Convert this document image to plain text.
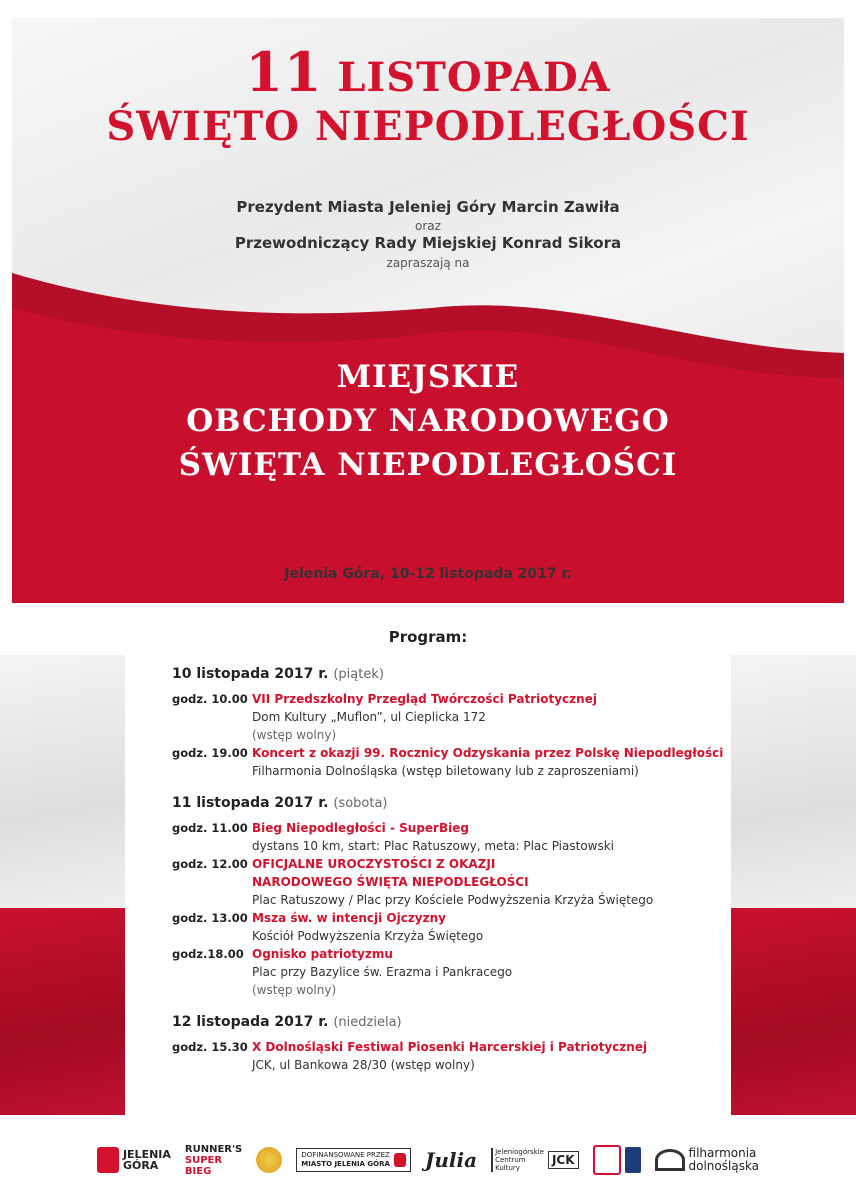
11 LISTOPADA
ŚWIĘTO NIEPODLEGŁOŚCI
Prezydent Miasta Jeleniej Góry Marcin Zawiła
oraz
Przewodniczący Rady Miejskiej Konrad Sikora
zapraszają na
MIEJSKIE
OBCHODY NARODOWEGO
ŚWIĘTA NIEPODLEGŁOŚCI
Jelenia Góra, 10-12 listopada 2017 r.
Program:
10 listopada 2017 r. (piątek)
godz. 10.00 VII Przedszkolny Przegląd Twórczości Patriotycznej
Dom Kultury „Muflon”, ul Cieplicka 172
(wstęp wolny)
godz. 19.00 Koncert z okazji 99. Rocznicy Odzyskania przez Polskę Niepodległości
Filharmonia Dolnośląska (wstęp biletowany lub z zaproszeniami)
11 listopada 2017 r. (sobota)
godz. 11.00 Bieg Niepodległości - SuperBieg
dystans 10 km, start: Plac Ratuszowy, meta: Plac Piastowski
godz. 12.00 OFICJALNE UROCZYSTOŚCI Z OKAZJI
NARODOWEGO ŚWIĘTA NIEPODLEGŁOŚCI
Plac Ratuszowy / Plac przy Kościele Podwyższenia Krzyża Świętego
godz. 13.00 Msza św. w intencji Ojczyzny
Kościół Podwyższenia Krzyża Świętego
godz.18.00 Ognisko patriotyzmu
Plac przy Bazylice św. Erazma i Pankracego
(wstęp wolny)
12 listopada 2017 r. (niedziela)
godz. 15.30 X Dolnośląski Festiwal Piosenki Harcerskiej i Patriotycznej
JCK, ul Bankowa 28/30 (wstęp wolny)
JELENIA
GÓRA
RUNNER'S
SUPER
BIEG
DOFINANSOWANE PRZEZ
MIASTO JELENIA GÓRA Julia	Jeleniogórskie
Centrum
Kultury
JCK	filharmonia
dolnośląska
